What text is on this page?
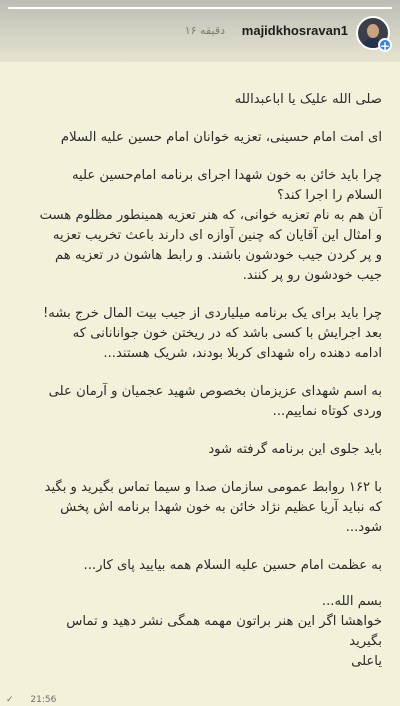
۱۶ دقیقه majidkhosravan1
+
صلی الله علیک یا اباعبدالله
ای امت امام حسینی، تعزیه خوانان امام حسین علیه السلام
چرا باید خائن به خون شهدا اجرای برنامه امام‌حسین علیه
السلام را اجرا کند؟
آن هم به نام تعزیه خوانی، که هنر تعزیه همینطور مظلوم هست
و امثال این آقایان که چنین آوازه ای دارند باعث تخریب تعزیه
و پر کردن جیب خودشون باشند. و رابط هاشون در تعزیه هم
جیب خودشون رو پر کنند.
چرا باید برای یک برنامه میلیاردی از جیب بیت المال خرج بشه!
بعد اجرایش با کسی باشد که در ریختن خون جوانانانی که
ادامه دهنده راه شهدای کربلا بودند، شریک هستند...
به اسم شهدای عزیزمان بخصوص شهید عجمیان و آرمان علی
وردی کوتاه نماییم...
باید جلوی این برنامه گرفته شود
با ۱۶۲ روابط عمومی سازمان صدا و سیما تماس بگیرید و بگید
که نباید آریا عظیم نژاد خائن به خون شهدا برنامه اش پخش
شود...
به عظمت امام حسین علیه السلام همه بیایید پای کار...
بسم الله...
خواهشا اگر این هنر براتون مهمه همگی نشر دهید و تماس
بگیرید
یاعلی
✓ 21:56
